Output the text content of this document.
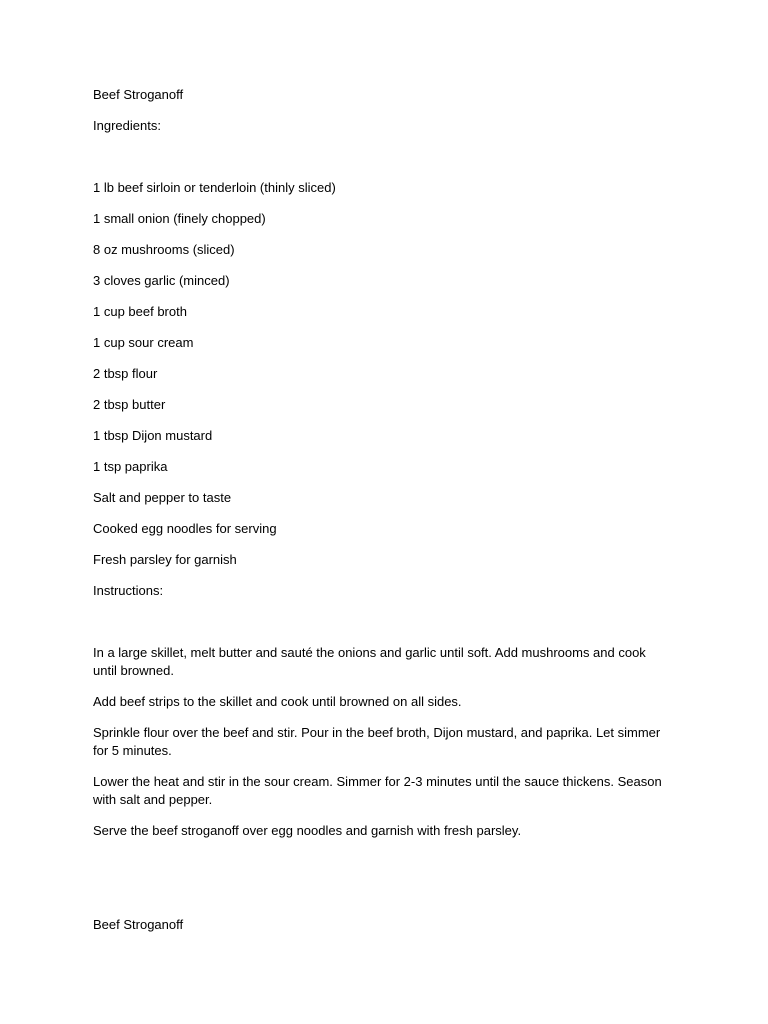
Beef Stroganoff

Ingredients:

1 lb beef sirloin or tenderloin (thinly sliced)

1 small onion (finely chopped)

8 oz mushrooms (sliced)

3 cloves garlic (minced)

1 cup beef broth

1 cup sour cream

2 tbsp flour

2 tbsp butter

1 tbsp Dijon mustard

1 tsp paprika

Salt and pepper to taste

Cooked egg noodles for serving

Fresh parsley for garnish

Instructions:

In a large skillet, melt butter and sauté the onions and garlic until soft. Add mushrooms and cook until browned.

Add beef strips to the skillet and cook until browned on all sides.

Sprinkle flour over the beef and stir. Pour in the beef broth, Dijon mustard, and paprika. Let simmer for 5 minutes.

Lower the heat and stir in the sour cream. Simmer for 2-3 minutes until the sauce thickens. Season with salt and pepper.

Serve the beef stroganoff over egg noodles and garnish with fresh parsley.

Beef Stroganoff
